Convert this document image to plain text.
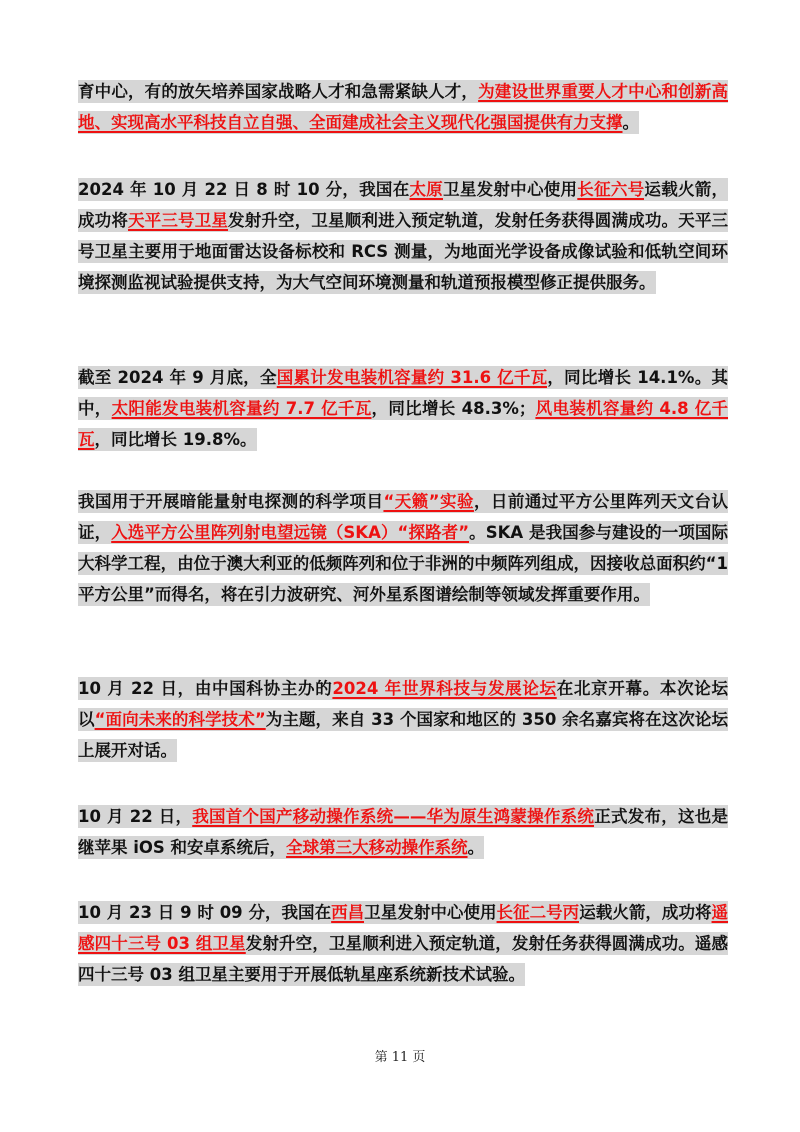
育中心，有的放矢培养国家战略人才和急需紧缺人才，为建设世界重要人才中心和创新高地、实现高水平科技自立自强、全面建成社会主义现代化强国提供有力支撑。

2024 年 10 月 22 日 8 时 10 分，我国在太原卫星发射中心使用长征六号运载火箭，成功将天平三号卫星发射升空，卫星顺利进入预定轨道，发射任务获得圆满成功。天平三号卫星主要用于地面雷达设备标校和 RCS 测量，为地面光学设备成像试验和低轨空间环境探测监视试验提供支持，为大气空间环境测量和轨道预报模型修正提供服务。

截至 2024 年 9 月底，全国累计发电装机容量约 31.6 亿千瓦，同比增长 14.1%。其中，太阳能发电装机容量约 7.7 亿千瓦，同比增长 48.3%；风电装机容量约 4.8 亿千瓦，同比增长 19.8%。

我国用于开展暗能量射电探测的科学项目“天籁”实验，日前通过平方公里阵列天文台认证，入选平方公里阵列射电望远镜（SKA）“探路者”。SKA 是我国参与建设的一项国际大科学工程，由位于澳大利亚的低频阵列和位于非洲的中频阵列组成，因接收总面积约“1 平方公里”而得名，将在引力波研究、河外星系图谱绘制等领域发挥重要作用。

10 月 22 日，由中国科协主办的2024 年世界科技与发展论坛在北京开幕。本次论坛以“面向未来的科学技术”为主题，来自 33 个国家和地区的 350 余名嘉宾将在这次论坛上展开对话。

10 月 22 日，我国首个国产移动操作系统——华为原生鸿蒙操作系统正式发布，这也是继苹果 iOS 和安卓系统后，全球第三大移动操作系统。

10 月 23 日 9 时 09 分，我国在西昌卫星发射中心使用长征二号丙运载火箭，成功将遥感四十三号 03 组卫星发射升空，卫星顺利进入预定轨道，发射任务获得圆满成功。遥感四十三号 03 组卫星主要用于开展低轨星座系统新技术试验。

第 11 页
